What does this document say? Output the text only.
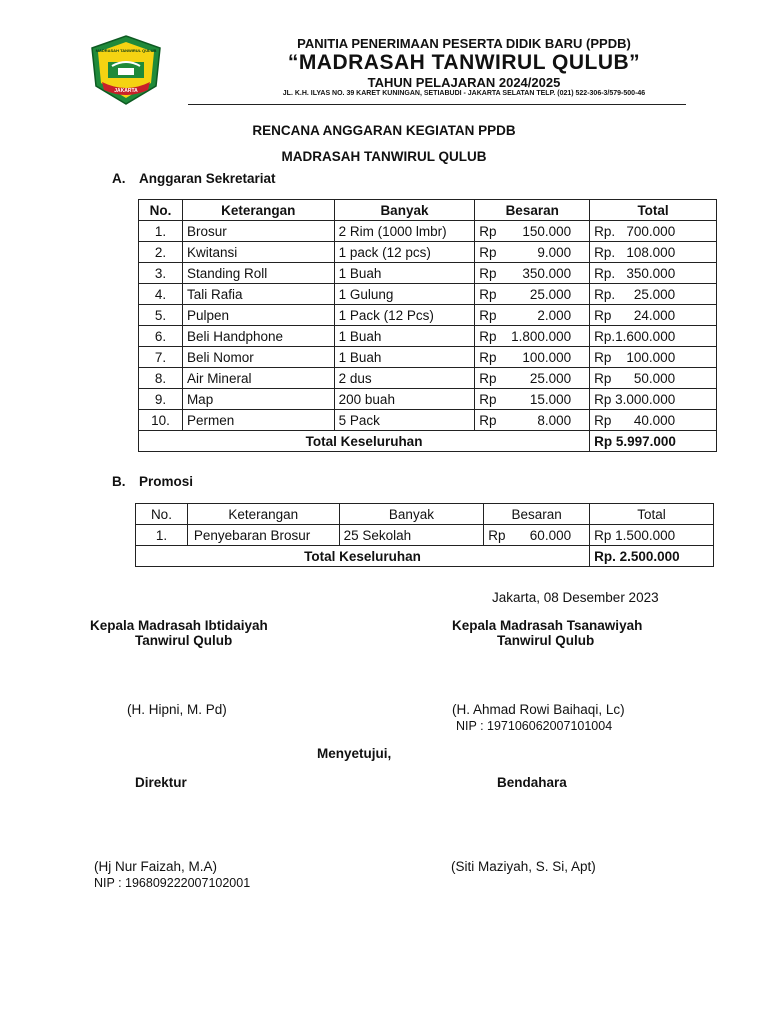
MADRASAH TANWIRUL QULUB
JAKARTA
PANITIA PENERIMAAN PESERTA DIDIK BARU (PPDB)
“MADRASAH TANWIRUL QULUB”
TAHUN PELAJARAN 2024/2025
JL. K.H. ILYAS NO. 39 KARET KUNINGAN, SETIABUDI - JAKARTA SELATAN TELP. (021) 522-306-3/579-500-46
RENCANA ANGGARAN KEGIATAN PPDB
MADRASAH TANWIRUL QULUB
A. Anggaran Sekretariat
No.	Keterangan	Banyak	Besaran	Total
1.	Brosur	2 Rim (1000 lmbr)	Rp 150.000	Rp.   700.000
2.	Kwitansi	1 pack (12 pcs)	Rp 9.000	Rp.   108.000
3.	Standing Roll	1 Buah	Rp 350.000	Rp.   350.000
4.	Tali Rafia	1 Gulung	Rp 25.000	Rp.     25.000
5.	Pulpen	1 Pack (12 Pcs)	Rp 2.000	Rp      24.000
6.	Beli Handphone	1 Buah	Rp 1.800.000	Rp.1.600.000
7.	Beli Nomor	1 Buah	Rp 100.000	Rp    100.000
8.	Air Mineral	2 dus	Rp 25.000	Rp      50.000
9.	Map	200 buah	Rp 15.000	Rp 3.000.000
10.	Permen	5 Pack	Rp 8.000	Rp      40.000
Total Keseluruhan				Rp 5.997.000
B. Promosi
No.	Keterangan	Banyak	Besaran	Total
1.	Penyebaran Brosur	25 Sekolah	Rp 60.000	Rp 1.500.000
Total Keseluruhan				Rp. 2.500.000
Jakarta, 08 Desember 2023
Kepala Madrasah Ibtidaiyah
Tanwirul Qulub
Kepala Madrasah Tsanawiyah
Tanwirul Qulub
(H. Hipni, M. Pd)	(H. Ahmad Rowi Baihaqi, Lc)
NIP : 197106062007101004
Menyetujui,
Direktur	Bendahara
(Hj Nur Faizah, M.A)
NIP : 196809222007102001
(Siti Maziyah, S. Si, Apt)
